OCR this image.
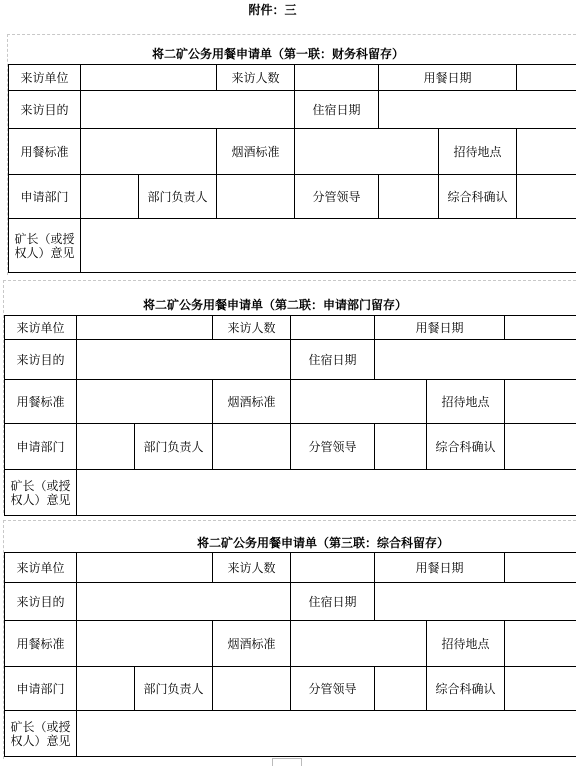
附件：三
将二矿公务用餐申请单（第一联：财务科留存）
来访单位			来访人数		用餐日期		
来访目的				住宿日期			
用餐标准			烟酒标准			招待地点	
申请部门		部门负责人		分管领导		综合科确认	
矿长（或授权人）意见							
将二矿公务用餐申请单（第二联：申请部门留存）
来访单位			来访人数		用餐日期		
来访目的				住宿日期			
用餐标准			烟酒标准			招待地点	
申请部门		部门负责人		分管领导		综合科确认	
矿长（或授权人）意见							
将二矿公务用餐申请单（第三联：综合科留存）
来访单位			来访人数		用餐日期		
来访目的				住宿日期			
用餐标准			烟酒标准			招待地点	
申请部门		部门负责人		分管领导		综合科确认	
矿长（或授权人）意见							
